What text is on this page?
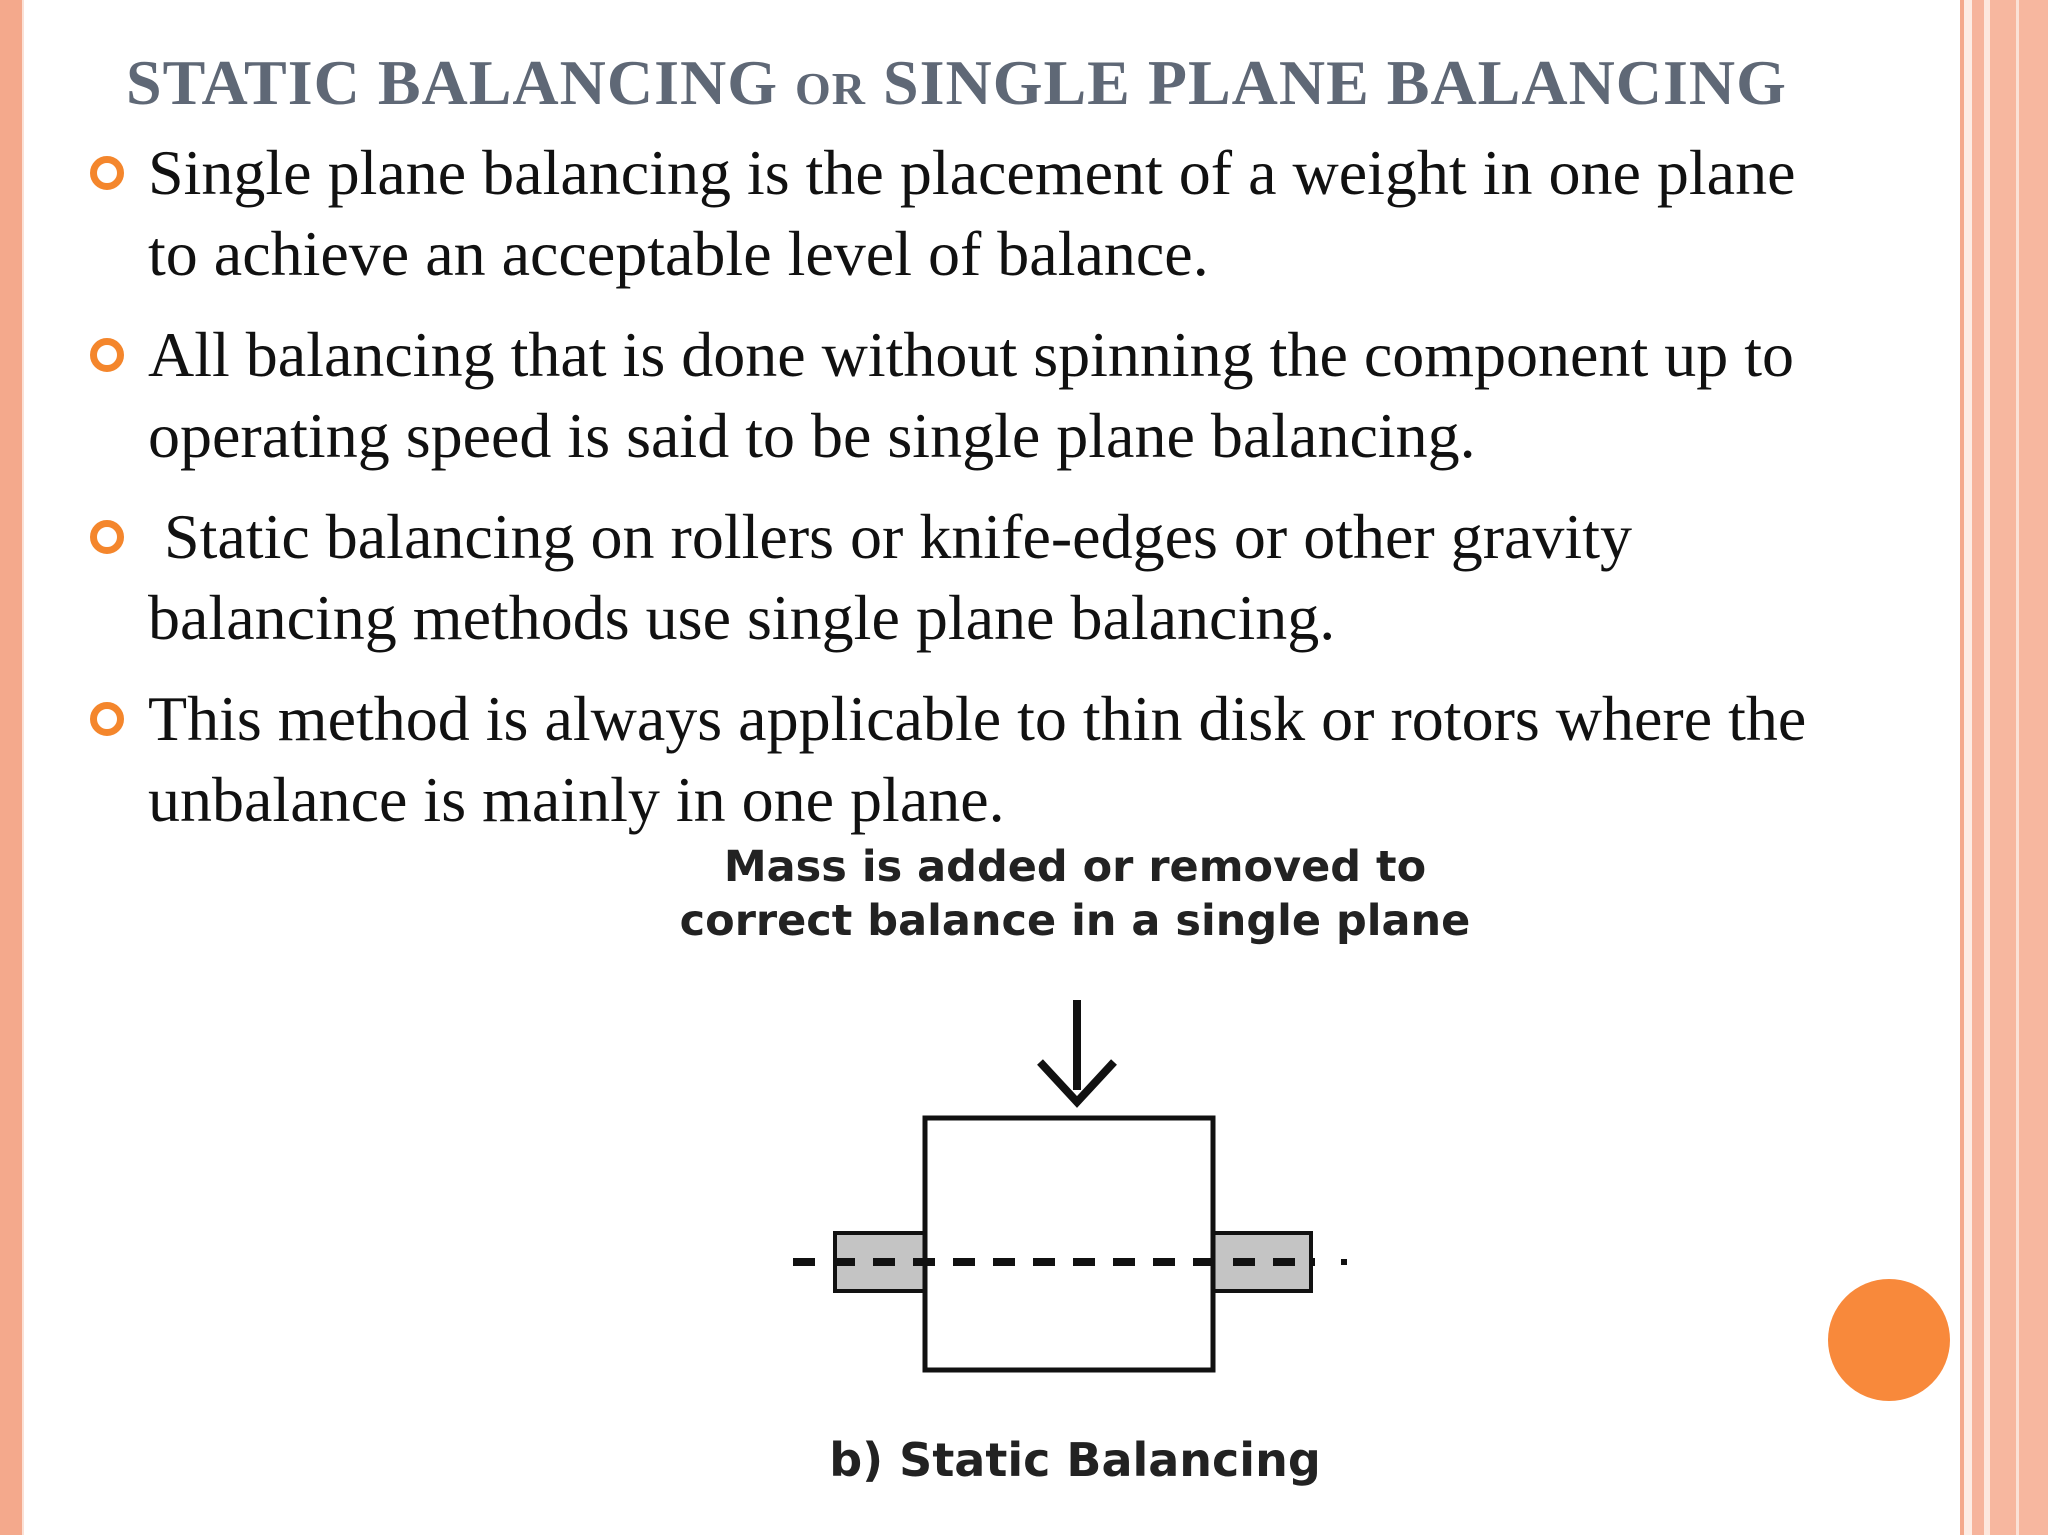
STATIC BALANCING OR SINGLE PLANE BALANCING
Single plane balancing is the placement of a weight in one plane
to achieve an acceptable level of balance.
All balancing that is done without spinning the component up to
operating speed is said to be single plane balancing.
Static balancing on rollers or knife-edges or other gravity
balancing methods use single plane balancing.
This method is always applicable to thin disk or rotors where the
unbalance is mainly in one plane.
Mass is added or removed to
correct balance in a single plane
b) Static Balancing
